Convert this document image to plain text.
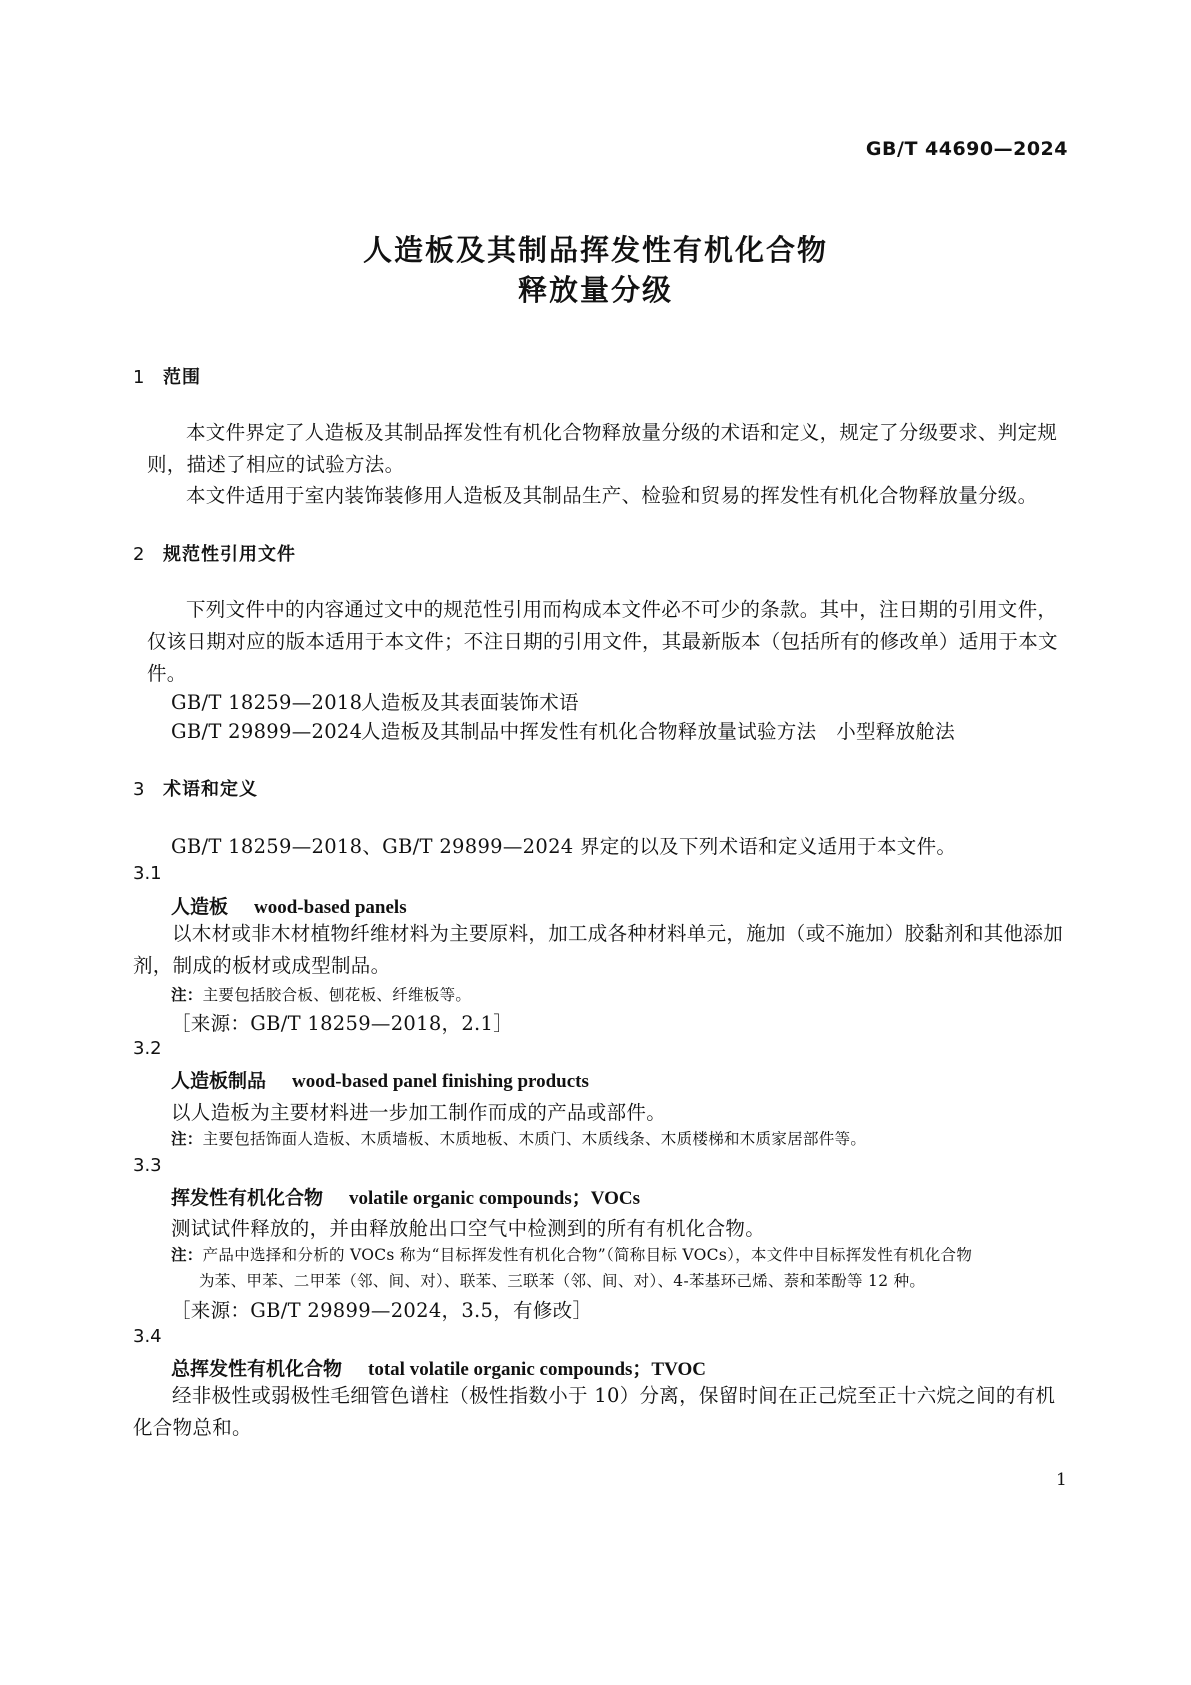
GB/T 44690—2024
人造板及其制品挥发性有机化合物
释放量分级
1 范围
本文件界定了人造板及其制品挥发性有机化合物释放量分级的术语和定义，规定了分级要求、判定规则，描述了相应的试验方法。
本文件适用于室内装饰装修用人造板及其制品生产、检验和贸易的挥发性有机化合物释放量分级。
2 规范性引用文件
下列文件中的内容通过文中的规范性引用而构成本文件必不可少的条款。其中，注日期的引用文件，仅该日期对应的版本适用于本文件；不注日期的引用文件，其最新版本（包括所有的修改单）适用于本文件。
GB/T 18259—2018人造板及其表面装饰术语
GB/T 29899—2024人造板及其制品中挥发性有机化合物释放量试验方法　小型释放舱法
3 术语和定义
GB/T 18259—2018、GB/T 29899—2024 界定的以及下列术语和定义适用于本文件。
3.1
人造板 wood-based panels
以木材或非木材植物纤维材料为主要原料，加工成各种材料单元，施加（或不施加）胶黏剂和其他添加剂，制成的板材或成型制品。
注：主要包括胶合板、刨花板、纤维板等。
［来源：GB/T 18259—2018，2.1］
3.2
人造板制品 wood-based panel finishing products
以人造板为主要材料进一步加工制作而成的产品或部件。
注：主要包括饰面人造板、木质墙板、木质地板、木质门、木质线条、木质楼梯和木质家居部件等。
3.3
挥发性有机化合物 volatile organic compounds；VOCs
测试试件释放的，并由释放舱出口空气中检测到的所有有机化合物。
注：产品中选择和分析的 VOCs 称为“目标挥发性有机化合物”（简称目标 VOCs），本文件中目标挥发性有机化合物
为苯、甲苯、二甲苯（邻、间、对）、联苯、三联苯（邻、间、对）、4-苯基环己烯、萘和苯酚等 12 种。
［来源：GB/T 29899—2024，3.5，有修改］
3.4
总挥发性有机化合物 total volatile organic compounds；TVOC
经非极性或弱极性毛细管色谱柱（极性指数小于 10）分离，保留时间在正己烷至正十六烷之间的有机化合物总和。
1
